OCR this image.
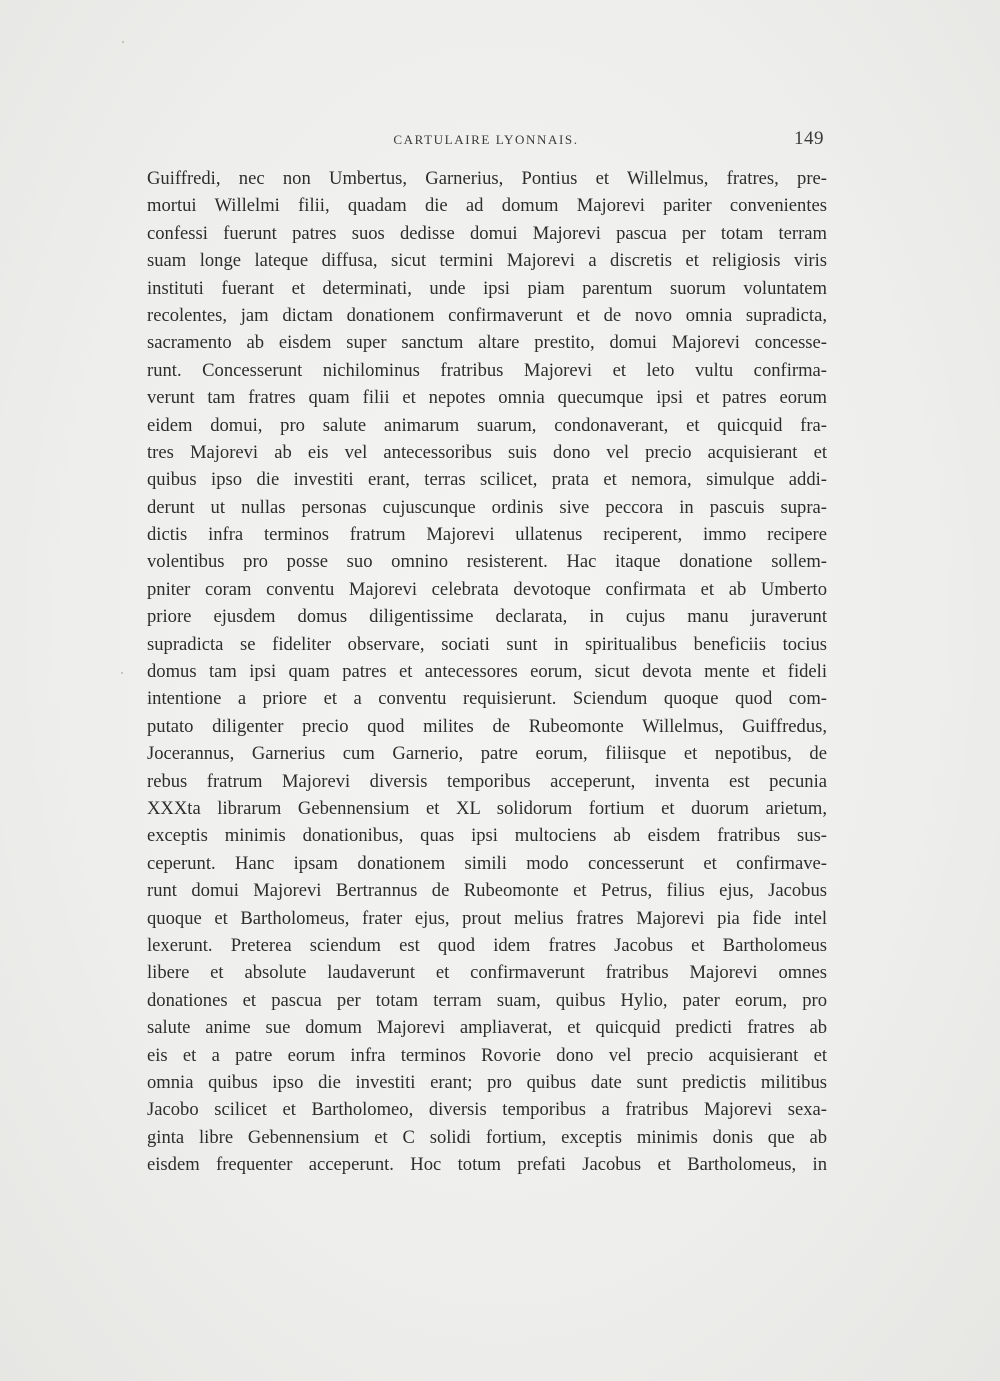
CARTULAIRE LYONNAIS.	149
Guiffredi, nec non Umbertus, Garnerius, Pontius et Willelmus, fratres, pre-
mortui Willelmi filii, quadam die ad domum Majorevi pariter convenientes
confessi fuerunt patres suos dedisse domui Majorevi pascua per totam terram
suam longe lateque diffusa, sicut termini Majorevi a discretis et religiosis viris
instituti fuerant et determinati, unde ipsi piam parentum suorum voluntatem
recolentes, jam dictam donationem confirmaverunt et de novo omnia supradicta,
sacramento ab eisdem super sanctum altare prestito, domui Majorevi concesse-
runt. Concesserunt nichilominus fratribus Majorevi et leto vultu confirma-
verunt tam fratres quam filii et nepotes omnia quecumque ipsi et patres eorum
eidem domui, pro salute animarum suarum, condonaverant, et quicquid fra-
tres Majorevi ab eis vel antecessoribus suis dono vel precio acquisierant et
quibus ipso die investiti erant, terras scilicet, prata et nemora, simulque addi-
derunt ut nullas personas cujuscunque ordinis sive peccora in pascuis supra-
dictis infra terminos fratrum Majorevi ullatenus reciperent, immo recipere
volentibus pro posse suo omnino resisterent. Hac itaque donatione sollem-
pniter coram conventu Majorevi celebrata devotoque confirmata et ab Umberto
priore ejusdem domus diligentissime declarata, in cujus manu juraverunt
supradicta se fideliter observare, sociati sunt in spiritualibus beneficiis tocius
domus tam ipsi quam patres et antecessores eorum, sicut devota mente et fideli
intentione a priore et a conventu requisierunt. Sciendum quoque quod com-
putato diligenter precio quod milites de Rubeomonte Willelmus, Guiffredus,
Jocerannus, Garnerius cum Garnerio, patre eorum, filiisque et nepotibus, de
rebus fratrum Majorevi diversis temporibus acceperunt, inventa est pecunia
XXXta librarum Gebennensium et XL solidorum fortium et duorum arietum,
exceptis minimis donationibus, quas ipsi multociens ab eisdem fratribus sus-
ceperunt. Hanc ipsam donationem simili modo concesserunt et confirmave-
runt domui Majorevi Bertrannus de Rubeomonte et Petrus, filius ejus, Jacobus
quoque et Bartholomeus, frater ejus, prout melius fratres Majorevi pia fide intel
lexerunt. Preterea sciendum est quod idem fratres Jacobus et Bartholomeus
libere et absolute laudaverunt et confirmaverunt fratribus Majorevi omnes
donationes et pascua per totam terram suam, quibus Hylio, pater eorum, pro
salute anime sue domum Majorevi ampliaverat, et quicquid predicti fratres ab
eis et a patre eorum infra terminos Rovorie dono vel precio acquisierant et
omnia quibus ipso die investiti erant; pro quibus date sunt predictis militibus
Jacobo scilicet et Bartholomeo, diversis temporibus a fratribus Majorevi sexa-
ginta libre Gebennensium et C solidi fortium, exceptis minimis donis que ab
eisdem frequenter acceperunt. Hoc totum prefati Jacobus et Bartholomeus, in
